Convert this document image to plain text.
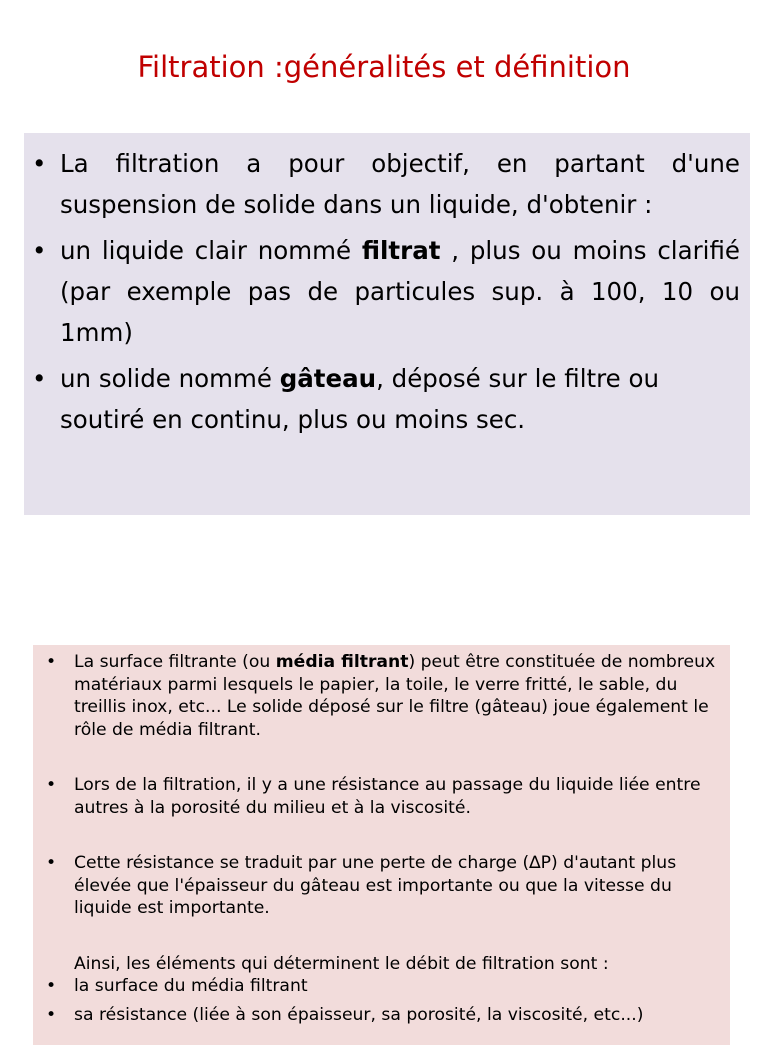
Filtration :généralités et définition
• La filtration a pour objectif, en partant d'une suspension de solide dans un liquide, d'obtenir :
• un liquide clair nommé filtrat , plus ou moins clarifié (par exemple pas de particules sup. à 100, 10 ou 1mm)
• un solide nommé gâteau, déposé sur le filtre ou soutiré en continu, plus ou moins sec.
• La surface filtrante (ou média filtrant) peut être constituée de nombreux matériaux parmi lesquels le papier, la toile, le verre fritté, le sable, du treillis inox, etc... Le solide déposé sur le filtre (gâteau) joue également le rôle de média filtrant.
• Lors de la filtration, il y a une résistance au passage du liquide liée entre autres à la porosité du milieu et à la viscosité.
• Cette résistance se traduit par une perte de charge (∆P) d'autant plus élevée que l'épaisseur du gâteau est importante ou que la vitesse du liquide est importante.
Ainsi, les éléments qui déterminent le débit de filtration sont :
• la surface du média filtrant
• sa résistance (liée à son épaisseur, sa porosité, la viscosité, etc...)
